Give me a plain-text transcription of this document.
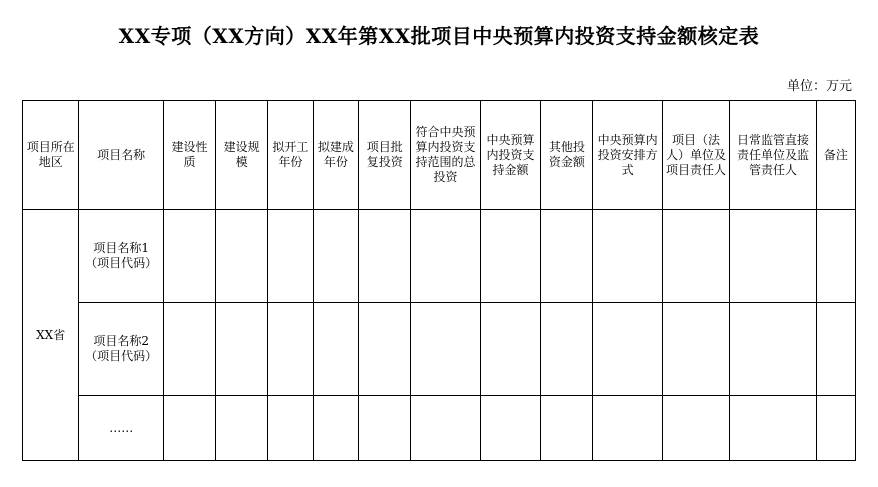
XX专项（XX方向）XX年第XX批项目中央预算内投资支持金额核定表
单位：万元
项目所在地区	项目名称	建设性质	建设规模	拟开工年份	拟建成年份	项目批复投资	符合中央预算内投资支持范围的总投资	中央预算内投资支持金额	其他投资金额	中央预算内投资安排方式	项目（法人）单位及项目责任人	日常监管直接责任单位及监管责任人	备注

XX省	项目名称1（项目代码）												
	项目名称2（项目代码）												
	……												
